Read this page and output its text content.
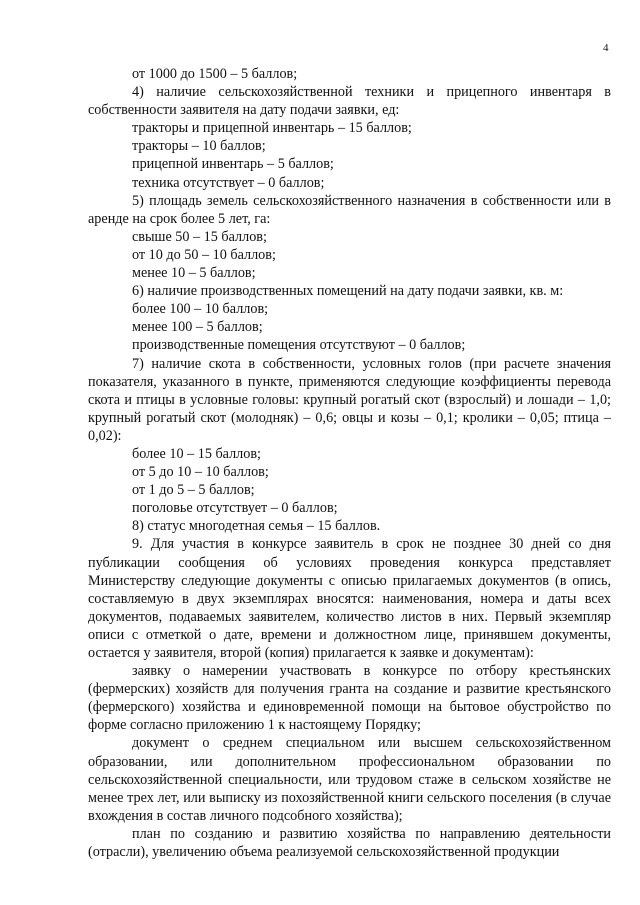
4

от 1000 до 1500 – 5 баллов;

4) наличие сельскохозяйственной техники и прицепного инвентаря в собственности заявителя на дату подачи заявки, ед:

тракторы и прицепной инвентарь – 15 баллов;

тракторы – 10 баллов;

прицепной инвентарь – 5 баллов;

техника отсутствует – 0 баллов;

5) площадь земель сельскохозяйственного назначения в собственности или в аренде на срок более 5 лет, га:

свыше 50 – 15 баллов;

от 10 до 50 – 10 баллов;

менее 10 – 5 баллов;

6) наличие производственных помещений на дату подачи заявки, кв. м:

более 100 – 10 баллов;

менее 100 – 5 баллов;

производственные помещения отсутствуют – 0 баллов;

7) наличие скота в собственности, условных голов (при расчете значения показателя, указанного в пункте, применяются следующие коэффициенты перевода скота и птицы в условные головы: крупный рогатый скот (взрослый) и лошади – 1,0; крупный рогатый скот (молодняк) – 0,6; овцы и козы – 0,1; кролики – 0,05; птица – 0,02):

более 10 – 15 баллов;

от 5 до 10 – 10 баллов;

от 1 до 5 – 5 баллов;

поголовье отсутствует – 0 баллов;

8) статус многодетная семья – 15 баллов.

9. Для участия в конкурсе заявитель в срок не позднее 30 дней со дня публикации сообщения об условиях проведения конкурса представляет Министерству следующие документы с описью прилагаемых документов (в опись, составляемую в двух экземплярах вносятся: наименования, номера и даты всех документов, подаваемых заявителем, количество листов в них. Первый экземпляр описи с отметкой о дате, времени и должностном лице, принявшем документы, остается у заявителя, второй (копия) прилагается к заявке и документам):

заявку о намерении участвовать в конкурсе по отбору крестьянских (фермерских) хозяйств для получения гранта на создание и развитие крестьянского (фермерского) хозяйства и единовременной помощи на бытовое обустройство по форме согласно приложению 1 к настоящему Порядку;

документ о среднем специальном или высшем сельскохозяйственном образовании, или дополнительном профессиональном образовании по сельскохозяйственной специальности, или трудовом стаже в сельском хозяйстве не менее трех лет, или выписку из похозяйственной книги сельского поселения (в случае вхождения в состав личного подсобного хозяйства);

план по созданию и развитию хозяйства по направлению деятельности (отрасли), увеличению объема реализуемой сельскохозяйственной продукции
